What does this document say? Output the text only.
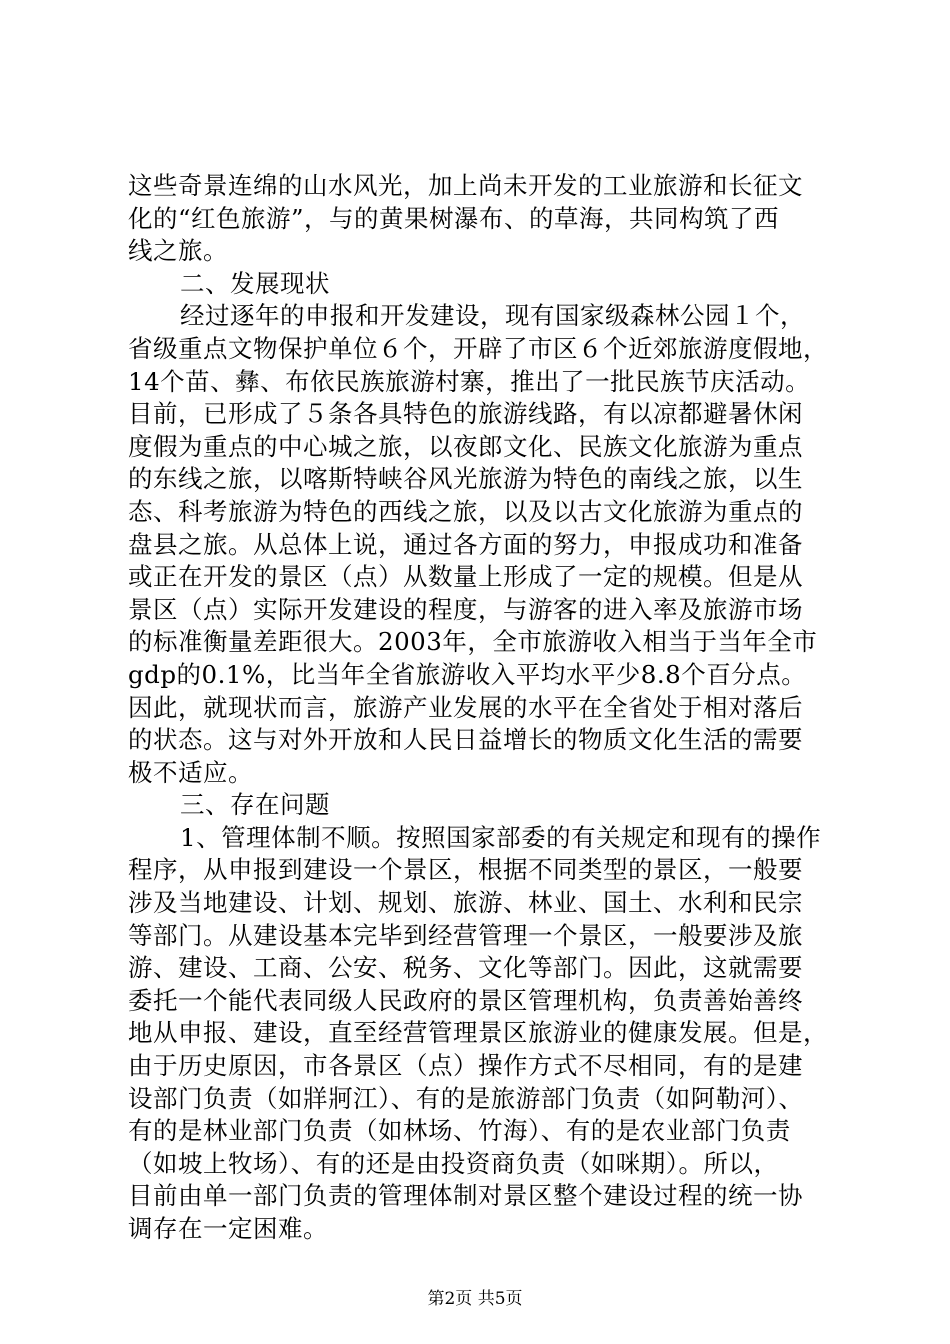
这些奇景连绵的山水风光，加上尚未开发的工业旅游和长征文
化的“红色旅游”，与的黄果树瀑布、的草海，共同构筑了西
线之旅。
二、发展现状
经过逐年的申报和开发建设，现有国家级森林公园１个，
省级重点文物保护单位６个，开辟了市区６个近郊旅游度假地，
14个苗、彝、布依民族旅游村寨，推出了一批民族节庆活动。
目前，已形成了５条各具特色的旅游线路，有以凉都避暑休闲
度假为重点的中心城之旅，以夜郎文化、民族文化旅游为重点
的东线之旅，以喀斯特峡谷风光旅游为特色的南线之旅，以生
态、科考旅游为特色的西线之旅，以及以古文化旅游为重点的
盘县之旅。从总体上说，通过各方面的努力，申报成功和准备
或正在开发的景区（点）从数量上形成了一定的规模。但是从
景区（点）实际开发建设的程度，与游客的进入率及旅游市场
的标准衡量差距很大。2003年，全市旅游收入相当于当年全市
gdp的0.1%，比当年全省旅游收入平均水平少8.8个百分点。
因此，就现状而言，旅游产业发展的水平在全省处于相对落后
的状态。这与对外开放和人民日益增长的物质文化生活的需要
极不适应。
三、存在问题
1、管理体制不顺。按照国家部委的有关规定和现有的操作
程序，从申报到建设一个景区，根据不同类型的景区，一般要
涉及当地建设、计划、规划、旅游、林业、国土、水利和民宗
等部门。从建设基本完毕到经营管理一个景区，一般要涉及旅
游、建设、工商、公安、税务、文化等部门。因此，这就需要
委托一个能代表同级人民政府的景区管理机构，负责善始善终
地从申报、建设，直至经营管理景区旅游业的健康发展。但是，
由于历史原因，市各景区（点）操作方式不尽相同，有的是建
设部门负责（如牂牁江）、有的是旅游部门负责（如阿勒河）、
有的是林业部门负责（如林场、竹海）、有的是农业部门负责
（如坡上牧场）、有的还是由投资商负责（如咪期）。所以，
目前由单一部门负责的管理体制对景区整个建设过程的统一协
调存在一定困难。
第2页 共5页
